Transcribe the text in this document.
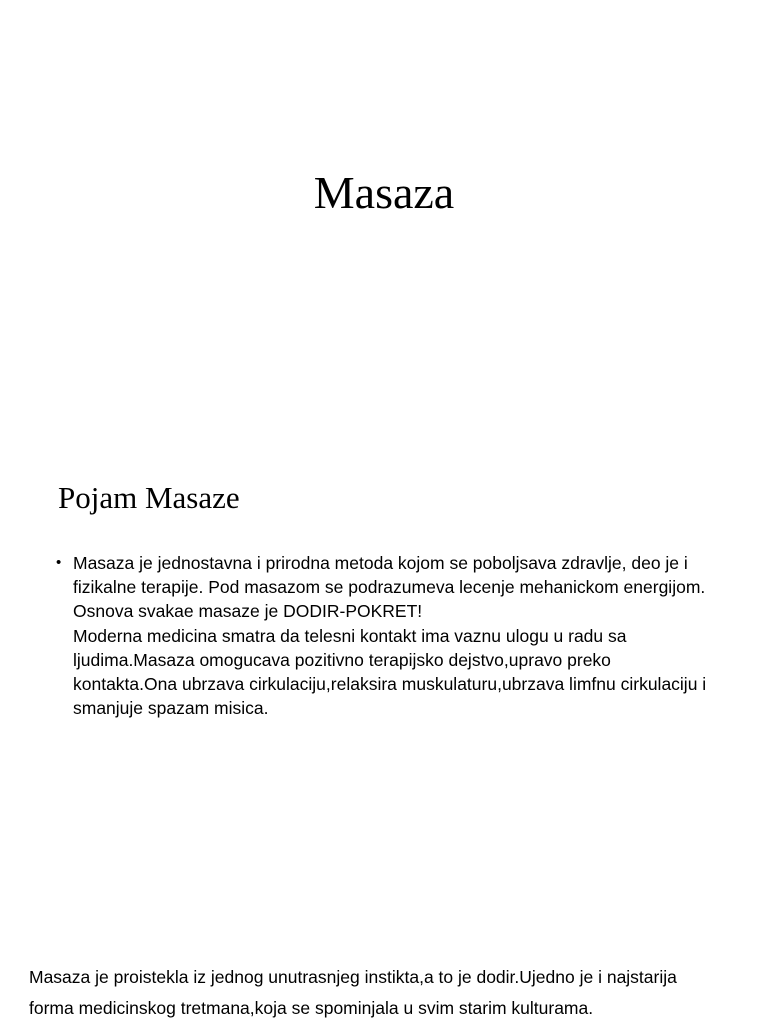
Masaza
Pojam Masaze
• Masaza je jednostavna i prirodna metoda kojom se poboljsava zdravlje, deo je i fizikalne terapije. Pod masazom se podrazumeva lecenje mehanickom energijom. Osnova svakae masaze je DODIR-POKRET!
Moderna medicina smatra da telesni kontakt ima vaznu ulogu u radu sa ljudima.Masaza omogucava pozitivno terapijsko dejstvo,upravo preko kontakta.Ona ubrzava cirkulaciju,relaksira muskulaturu,ubrzava limfnu cirkulaciju i smanjuje spazam misica.

Masaza je proistekla iz jednog unutrasnjeg instikta,a to je dodir.Ujedno je i najstarija forma medicinskog tretmana,koja se spominjala u svim starim kulturama.
